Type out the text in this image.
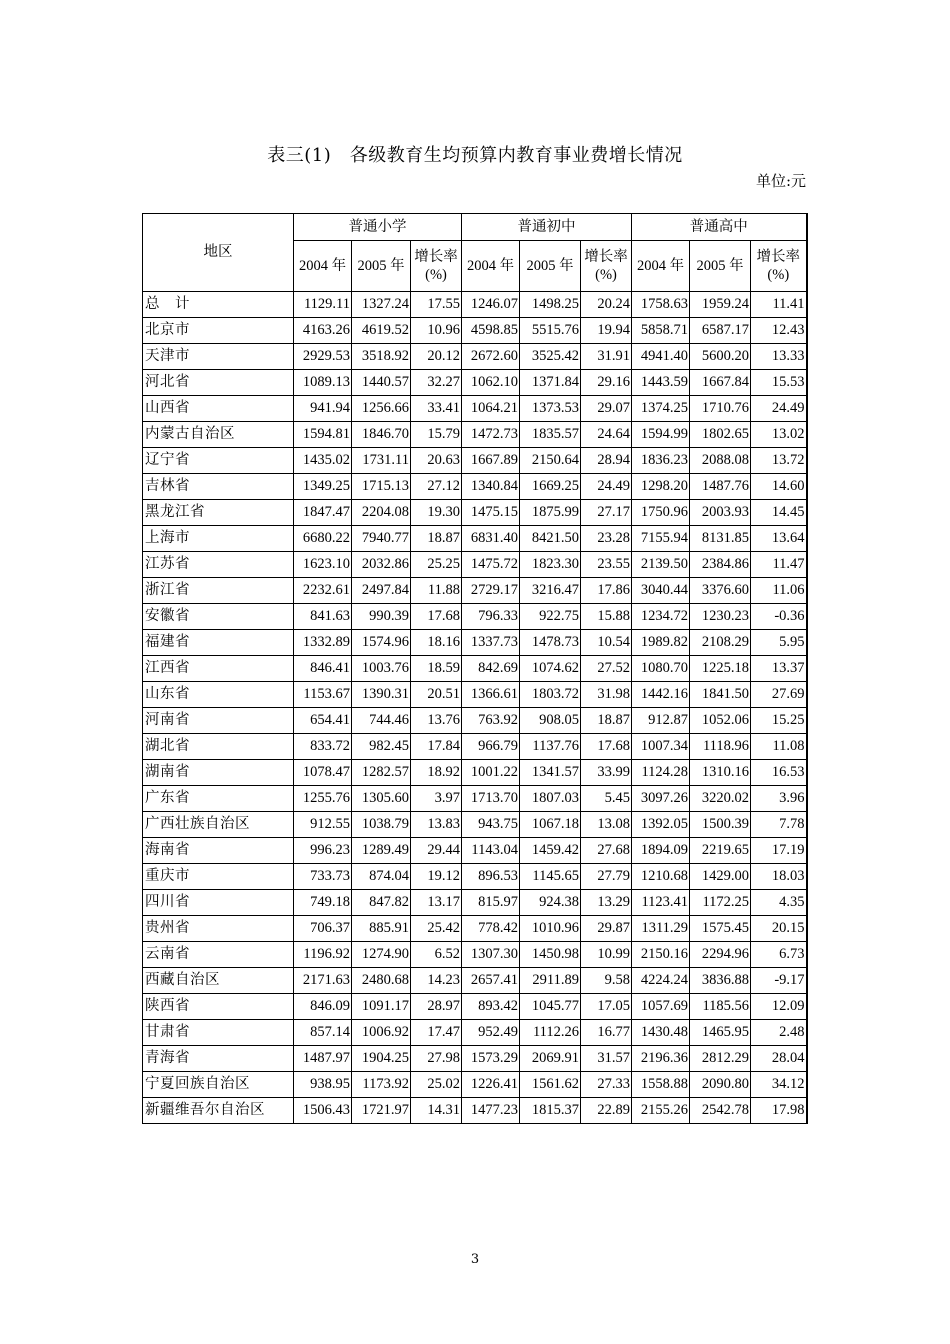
表三(1)　各级教育生均预算内教育事业费增长情况
单位:元
地区	普通小学			普通初中			普通高中		
	2004 年	2005 年	增长率(%)	2004 年	2005 年	增长率(%)	2004 年	2005 年	增长率(%)
总　计	1129.11	1327.24	17.55	1246.07	1498.25	20.24	1758.63	1959.24	11.41
北京市	4163.26	4619.52	10.96	4598.85	5515.76	19.94	5858.71	6587.17	12.43
天津市	2929.53	3518.92	20.12	2672.60	3525.42	31.91	4941.40	5600.20	13.33
河北省	1089.13	1440.57	32.27	1062.10	1371.84	29.16	1443.59	1667.84	15.53
山西省	941.94	1256.66	33.41	1064.21	1373.53	29.07	1374.25	1710.76	24.49
内蒙古自治区	1594.81	1846.70	15.79	1472.73	1835.57	24.64	1594.99	1802.65	13.02
辽宁省	1435.02	1731.11	20.63	1667.89	2150.64	28.94	1836.23	2088.08	13.72
吉林省	1349.25	1715.13	27.12	1340.84	1669.25	24.49	1298.20	1487.76	14.60
黑龙江省	1847.47	2204.08	19.30	1475.15	1875.99	27.17	1750.96	2003.93	14.45
上海市	6680.22	7940.77	18.87	6831.40	8421.50	23.28	7155.94	8131.85	13.64
江苏省	1623.10	2032.86	25.25	1475.72	1823.30	23.55	2139.50	2384.86	11.47
浙江省	2232.61	2497.84	11.88	2729.17	3216.47	17.86	3040.44	3376.60	11.06
安徽省	841.63	990.39	17.68	796.33	922.75	15.88	1234.72	1230.23	-0.36
福建省	1332.89	1574.96	18.16	1337.73	1478.73	10.54	1989.82	2108.29	5.95
江西省	846.41	1003.76	18.59	842.69	1074.62	27.52	1080.70	1225.18	13.37
山东省	1153.67	1390.31	20.51	1366.61	1803.72	31.98	1442.16	1841.50	27.69
河南省	654.41	744.46	13.76	763.92	908.05	18.87	912.87	1052.06	15.25
湖北省	833.72	982.45	17.84	966.79	1137.76	17.68	1007.34	1118.96	11.08
湖南省	1078.47	1282.57	18.92	1001.22	1341.57	33.99	1124.28	1310.16	16.53
广东省	1255.76	1305.60	3.97	1713.70	1807.03	5.45	3097.26	3220.02	3.96
广西壮族自治区	912.55	1038.79	13.83	943.75	1067.18	13.08	1392.05	1500.39	7.78
海南省	996.23	1289.49	29.44	1143.04	1459.42	27.68	1894.09	2219.65	17.19
重庆市	733.73	874.04	19.12	896.53	1145.65	27.79	1210.68	1429.00	18.03
四川省	749.18	847.82	13.17	815.97	924.38	13.29	1123.41	1172.25	4.35
贵州省	706.37	885.91	25.42	778.42	1010.96	29.87	1311.29	1575.45	20.15
云南省	1196.92	1274.90	6.52	1307.30	1450.98	10.99	2150.16	2294.96	6.73
西藏自治区	2171.63	2480.68	14.23	2657.41	2911.89	9.58	4224.24	3836.88	-9.17
陕西省	846.09	1091.17	28.97	893.42	1045.77	17.05	1057.69	1185.56	12.09
甘肃省	857.14	1006.92	17.47	952.49	1112.26	16.77	1430.48	1465.95	2.48
青海省	1487.97	1904.25	27.98	1573.29	2069.91	31.57	2196.36	2812.29	28.04
宁夏回族自治区	938.95	1173.92	25.02	1226.41	1561.62	27.33	1558.88	2090.80	34.12
新疆维吾尔自治区	1506.43	1721.97	14.31	1477.23	1815.37	22.89	2155.26	2542.78	17.98
3
